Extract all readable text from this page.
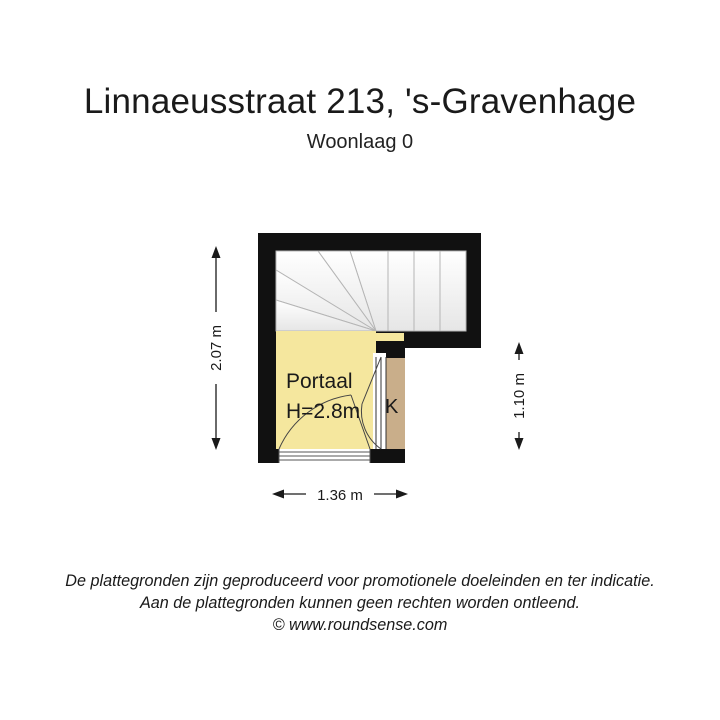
Linnaeusstraat 213, 's-Gravenhage
Woonlaag 0
Portaal
H=2.8m K
2.07 m
1.10 m
1.36 m
De plattegronden zijn geproduceerd voor promotionele doeleinden en ter indicatie.
Aan de plattegronden kunnen geen rechten worden ontleend.
© www.roundsense.com
